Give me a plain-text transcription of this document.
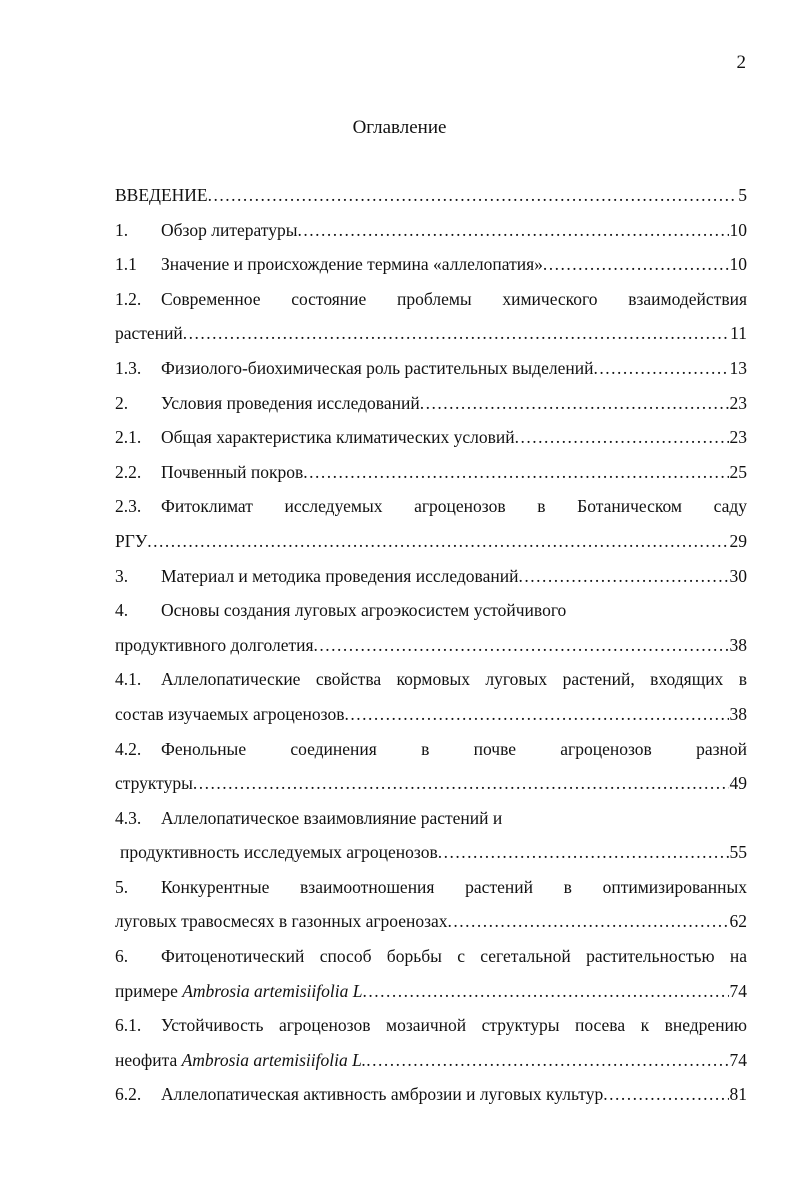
2
Оглавление
ВВЕДЕНИЕ .....	5
1.	Обзор литературы .....	10
1.1	Значение и происхождение термина «аллелопатия» .....	10
1.2.	Современное состояние проблемы химического взаимодействия
растений .....	11
1.3.	Физиолого-биохимическая роль растительных выделений .....	13
2.	Условия проведения исследований .....	23
2.1.	Общая характеристика климатических условий .....	23
2.2.	Почвенный покров .....	25
2.3.	Фитоклимат исследуемых агроценозов в Ботаническом саду
РГУ .....	29
3.	Материал и методика проведения исследований .....	30
4.	Основы создания луговых агроэкосистем устойчивого
продуктивного долголетия .....	38
4.1.	Аллелопатические свойства кормовых луговых растений, входящих в
состав изучаемых агроценозов .....	38
4.2.	Фенольные соединения в почве агроценозов разной
структуры .....	49
4.3.	Аллелопатическое взаимовлияние растений и
продуктивность исследуемых агроценозов .....	55
5.	Конкурентные взаимоотношения растений в оптимизированных
луговых травосмесях в газонных агроенозах .....	62
6.	Фитоценотический способ борьбы с сегетальной растительностью на
примере
Ambrosia artemisiifolia L .....	74
6.1.	Устойчивость агроценозов мозаичной структуры посева к внедрению
неофита
Ambrosia artemisiifolia L. .....	74
6.2.	Аллелопатическая активность амброзии и луговых культур .....	81
